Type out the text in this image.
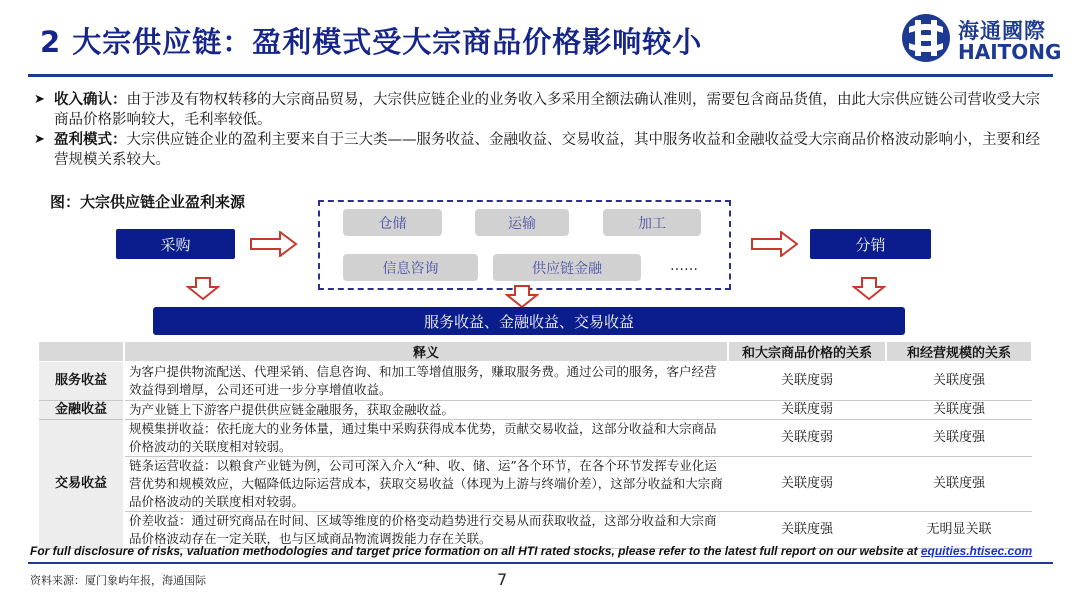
2 大宗供应链：盈利模式受大宗商品价格影响较小	海通國際
HAITONG
➤ 收入确认：由于涉及有物权转移的大宗商品贸易，大宗供应链企业的业务收入多采用全额法确认准则，需要包含商品货值，由此大宗供应链公司营收受大宗商品价格影响较大，毛利率较低。
➤ 盈利模式：大宗供应链企业的盈利主要来自于三大类——服务收益、金融收益、交易收益，其中服务收益和金融收益受大宗商品价格波动影响小，主要和经营规模关系较大。
图：大宗供应链企业盈利来源
仓储	运输	加工
信息咨询	供应链金融	……
采购	分销
服务收益、金融收益、交易收益
	释义	和大宗商品价格的关系	和经营规模的关系
服务收益	为客户提供物流配送、代理采销、信息咨询、和加工等增值服务，赚取服务费。通过公司的服务，客户经营效益得到增厚，公司还可进一步分享增值收益。	关联度弱	关联度强
金融收益	为产业链上下游客户提供供应链金融服务，获取金融收益。	关联度弱	关联度强
交易收益	规模集拼收益：依托庞大的业务体量，通过集中采购获得成本优势，贡献交易收益，这部分收益和大宗商品价格波动的关联度相对较弱。	关联度弱	关联度强
	链条运营收益：以粮食产业链为例，公司可深入介入“种、收、储、运”各个环节，在各个环节发挥专业化运营优势和规模效应，大幅降低边际运营成本，获取交易收益（体现为上游与终端价差），这部分收益和大宗商品价格波动的关联度相对较弱。	关联度弱	关联度强
	价差收益：通过研究商品在时间、区域等维度的价格变动趋势进行交易从而获取收益，这部分收益和大宗商品价格波动存在一定关联，也与区域商品物流调拨能力存在关联。	关联度强	无明显关联
For full disclosure of risks, valuation methodologies and target price formation on all HTI rated stocks, please refer to the latest full report on our website at equities.htisec.com
资料来源：厦门象屿年报，海通国际	7
